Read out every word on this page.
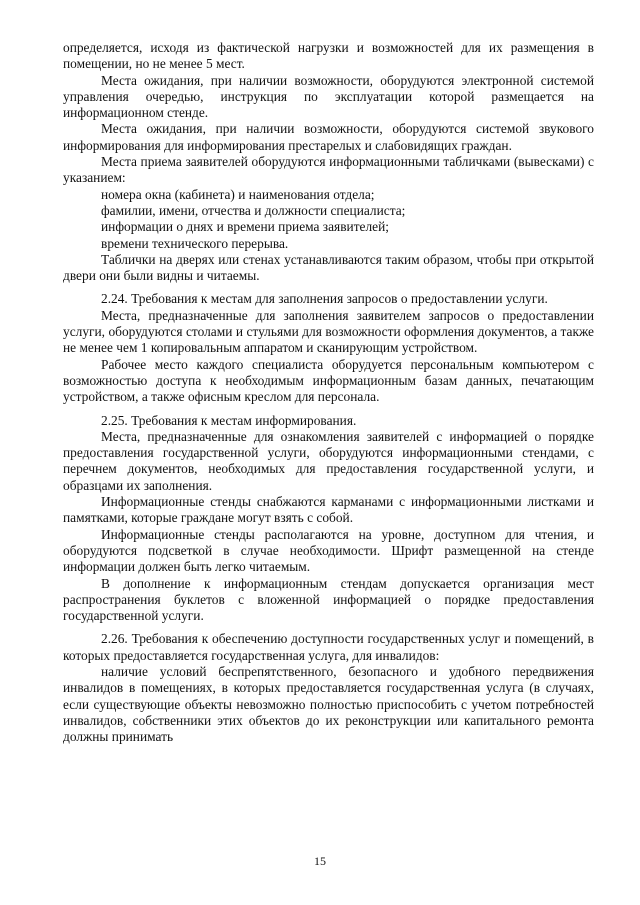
определяется, исходя из фактической нагрузки и возможностей для их размещения в помещении, но не менее 5 мест.

Места ожидания, при наличии возможности, оборудуются электронной системой управления очередью, инструкция по эксплуатации которой размещается на информационном стенде.

Места ожидания, при наличии возможности, оборудуются системой звукового информирования для информирования престарелых и слабовидящих граждан.

Места приема заявителей оборудуются информационными табличками (вывесками) с указанием:

номера окна (кабинета) и наименования отдела;

фамилии, имени, отчества и должности специалиста;

информации о днях и времени приема заявителей;

времени технического перерыва.

Таблички на дверях или стенах устанавливаются таким образом, чтобы при открытой двери они были видны и читаемы.

2.24. Требования к местам для заполнения запросов о предоставлении услуги.

Места, предназначенные для заполнения заявителем запросов о предоставлении услуги, оборудуются столами и стульями для возможности оформления документов, а также не менее чем 1 копировальным аппаратом и сканирующим устройством.

Рабочее место каждого специалиста оборудуется персональным компьютером с возможностью доступа к необходимым информационным базам данных, печатающим устройством, а также офисным креслом для персонала.

2.25. Требования к местам информирования.

Места, предназначенные для ознакомления заявителей с информацией о порядке предоставления государственной услуги, оборудуются информационными стендами, с перечнем документов, необходимых для предоставления государственной услуги, и образцами их заполнения.

Информационные стенды снабжаются карманами с информационными листками и памятками, которые граждане могут взять с собой.

Информационные стенды располагаются на уровне, доступном для чтения, и оборудуются подсветкой в случае необходимости. Шрифт размещенной на стенде информации должен быть легко читаемым.

В дополнение к информационным стендам допускается организация мест распространения буклетов с вложенной информацией о порядке предоставления государственной услуги.

2.26. Требования к обеспечению доступности государственных услуг и помещений, в которых предоставляется государственная услуга, для инвалидов:

наличие условий беспрепятственного, безопасного и удобного передвижения инвалидов в помещениях, в которых предоставляется государственная услуга (в случаях, если существующие объекты невозможно полностью приспособить с учетом потребностей инвалидов, собственники этих объектов до их реконструкции или капитального ремонта должны принимать

15
